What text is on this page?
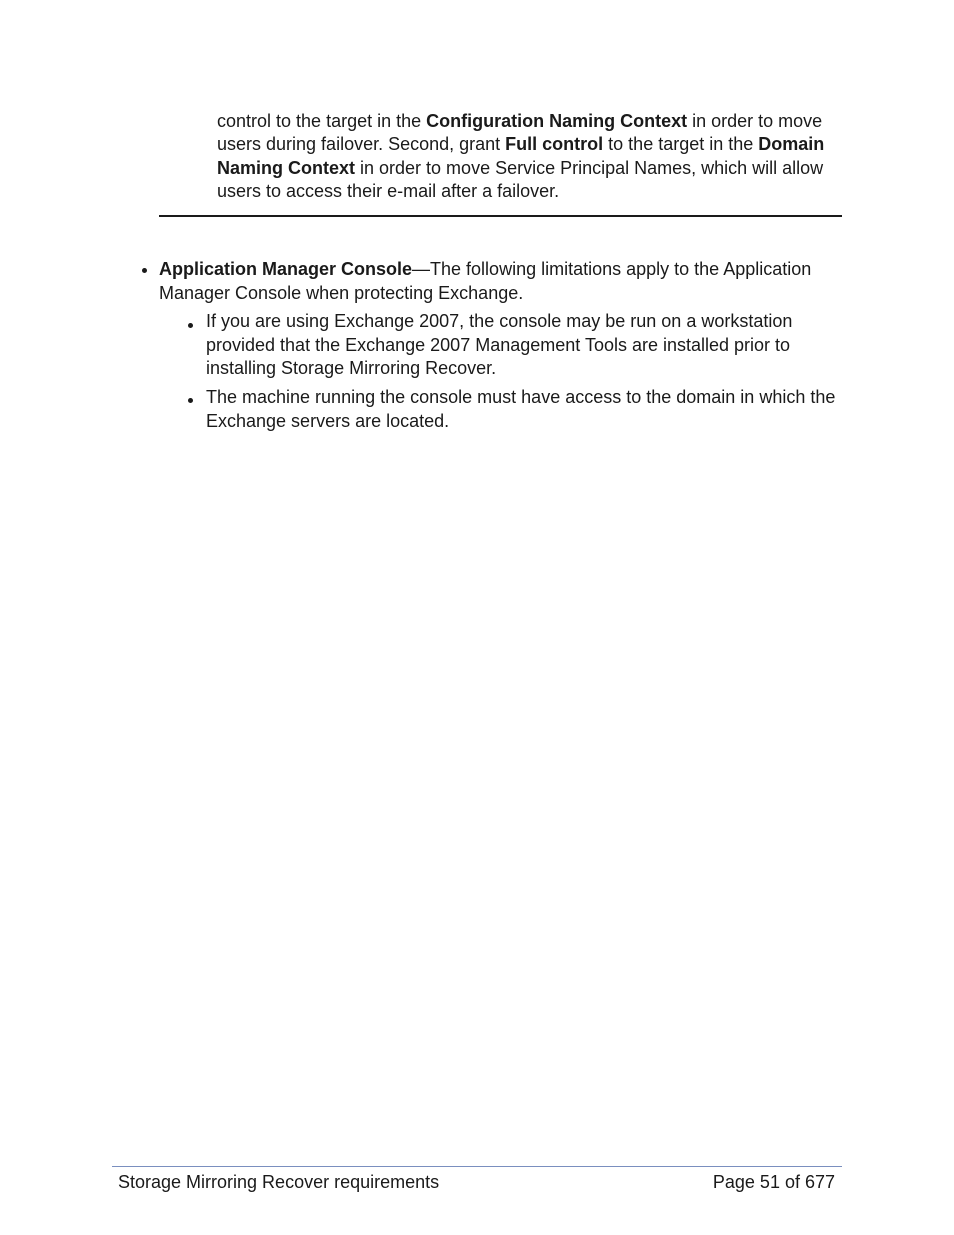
control to the target in the Configuration Naming Context in order to move users during failover. Second, grant Full control to the target in the Domain Naming Context in order to move Service Principal Names, which will allow users to access their e-mail after a failover.
Application Manager Console—The following limitations apply to the Application Manager Console when protecting Exchange.
If you are using Exchange 2007, the console may be run on a workstation provided that the Exchange 2007 Management Tools are installed prior to installing Storage Mirroring Recover.
The machine running the console must have access to the domain in which the Exchange servers are located.
Storage Mirroring Recover requirements	Page 51 of 677
